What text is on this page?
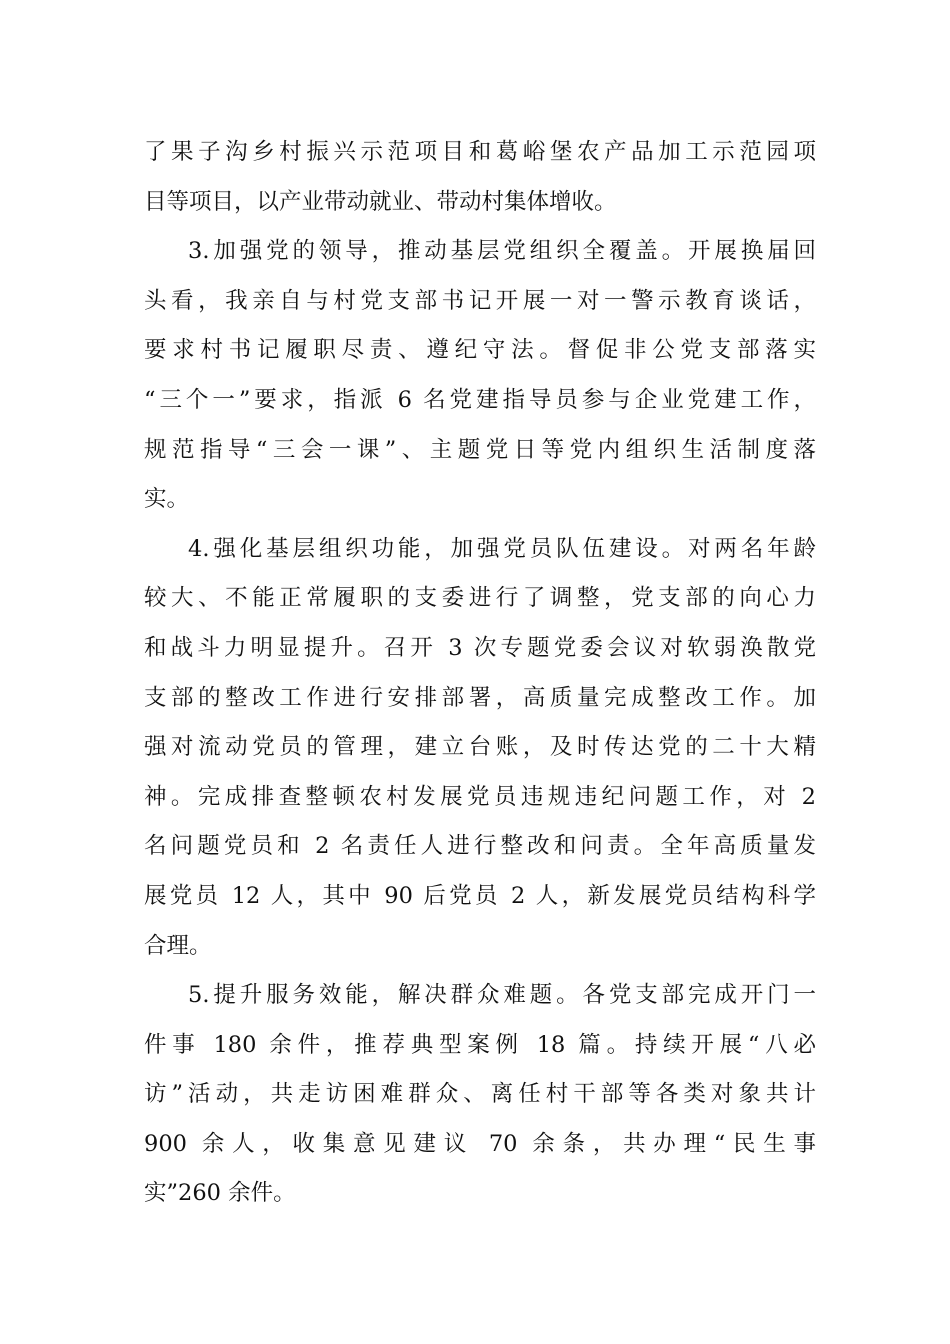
了果子沟乡村振兴示范项目和葛峪堡农产品加工示范园项
目等项目，以产业带动就业、带动村集体增收。
3.加强党的领导，推动基层党组织全覆盖。开展换届回
头看，我亲自与村党支部书记开展一对一警示教育谈话，
要求村书记履职尽责、遵纪守法。督促非公党支部落实
“三个一”要求，指派 6 名党建指导员参与企业党建工作，
规范指导“三会一课”、主题党日等党内组织生活制度落
实。
4.强化基层组织功能，加强党员队伍建设。对两名年龄
较大、不能正常履职的支委进行了调整，党支部的向心力
和战斗力明显提升。召开 3 次专题党委会议对软弱涣散党
支部的整改工作进行安排部署，高质量完成整改工作。加
强对流动党员的管理，建立台账，及时传达党的二十大精
神。完成排查整顿农村发展党员违规违纪问题工作，对 2
名问题党员和 2 名责任人进行整改和问责。全年高质量发
展党员 12 人，其中 90 后党员 2 人，新发展党员结构科学
合理。
5.提升服务效能，解决群众难题。各党支部完成开门一
件事 180 余件，推荐典型案例 18 篇。持续开展“八必
访”活动，共走访困难群众、离任村干部等各类对象共计
900 余人，收集意见建议 70 余条，共办理“民生事
实”260 余件。
